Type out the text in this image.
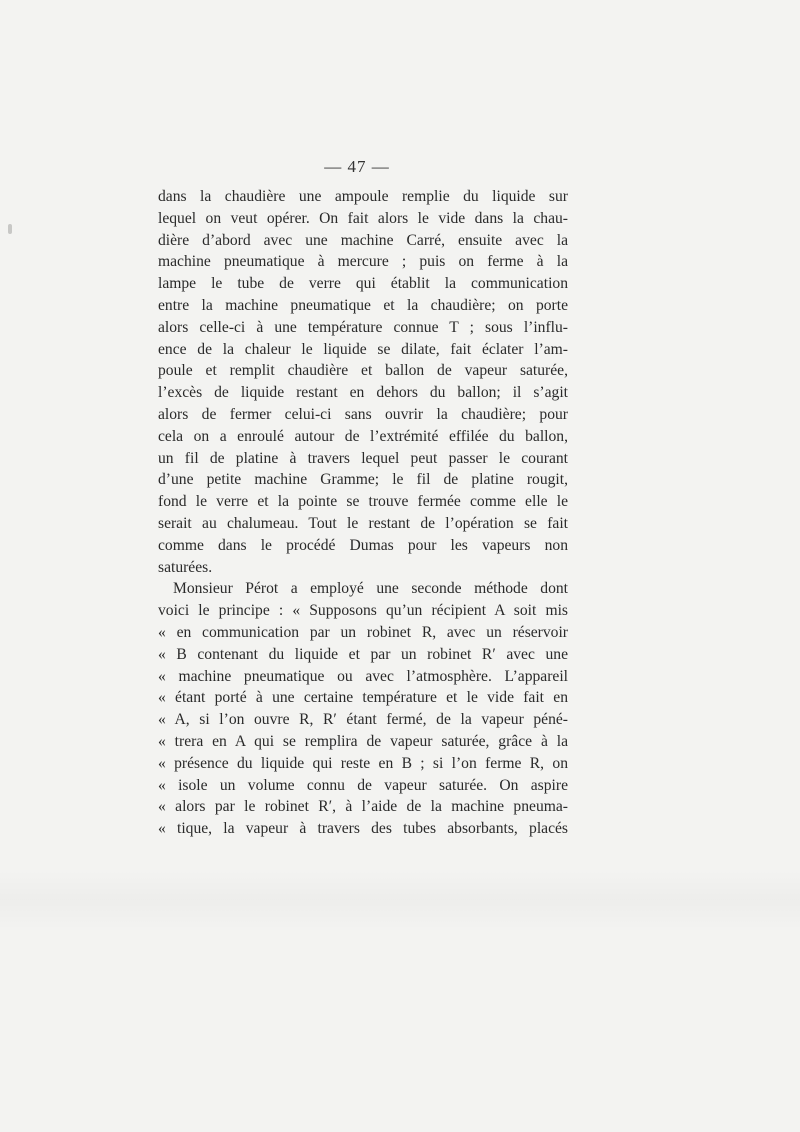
— 47 —
dans la chaudière une ampoule remplie du liquide sur
lequel on veut opérer. On fait alors le vide dans la chau-
dière d’abord avec une machine Carré, ensuite avec la
machine pneumatique à mercure ; puis on ferme à la
lampe le tube de verre qui établit la communication
entre la machine pneumatique et la chaudière; on porte
alors celle-ci à une température connue T ; sous l’influ-
ence de la chaleur le liquide se dilate, fait éclater l’am-
poule et remplit chaudière et ballon de vapeur saturée,
l’excès de liquide restant en dehors du ballon; il s’agit
alors de fermer celui-ci sans ouvrir la chaudière; pour
cela on a enroulé autour de l’extrémité effilée du ballon,
un fil de platine à travers lequel peut passer le courant
d’une petite machine Gramme; le fil de platine rougit,
fond le verre et la pointe se trouve fermée comme elle le
serait au chalumeau. Tout le restant de l’opération se fait
comme dans le procédé Dumas pour les vapeurs non
saturées.
Monsieur Pérot a employé une seconde méthode dont
voici le principe : « Supposons qu’un récipient A soit mis
« en communication par un robinet R, avec un réservoir
« B contenant du liquide et par un robinet R′ avec une
« machine pneumatique ou avec l’atmosphère. L’appareil
« étant porté à une certaine température et le vide fait en
« A, si l’on ouvre R, R′ étant fermé, de la vapeur péné-
« trera en A qui se remplira de vapeur saturée, grâce à la
« présence du liquide qui reste en B ; si l’on ferme R, on
« isole un volume connu de vapeur saturée. On aspire
« alors par le robinet R′, à l’aide de la machine pneuma-
« tique, la vapeur à travers des tubes absorbants, placés
